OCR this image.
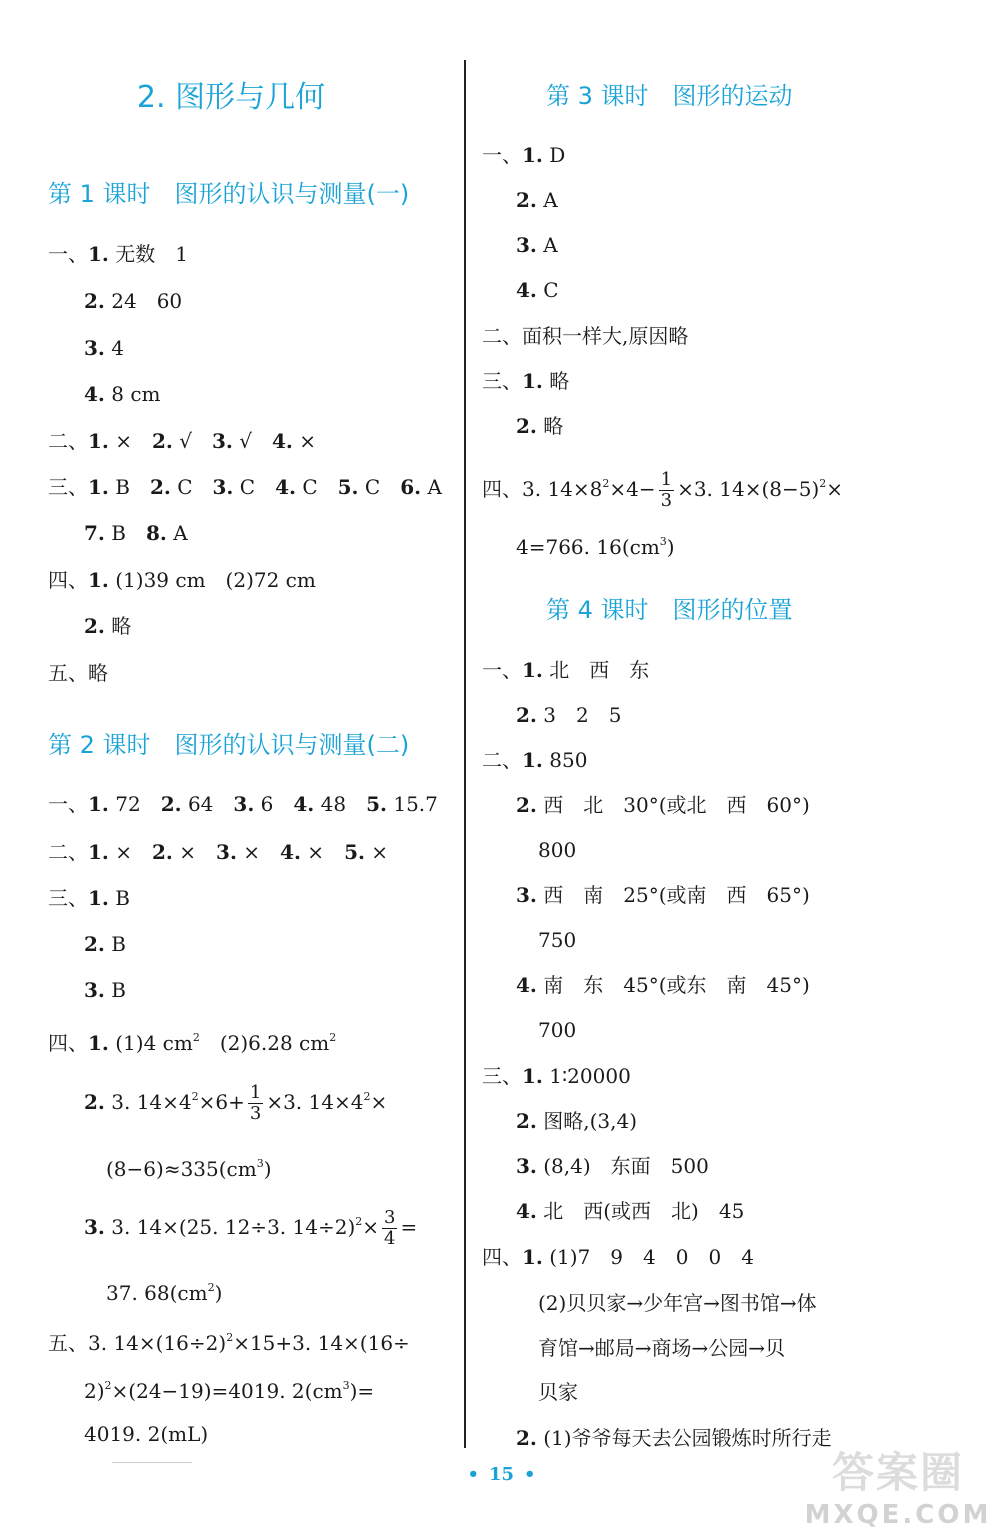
2. 图形与几何
第 1 课时　图形的认识与测量(一)
一、1. 无数　1
2. 24　60
3. 4
4. 8 cm
二、1. ×　2. √　3. √　4. ×
三、1. B　2. C　3. C　4. C　5. C　6. A
7. B　8. A
四、1. (1)39 cm　(2)72 cm
2. 略
五、略
第 2 课时　图形的认识与测量(二)
一、1. 72　2. 64　3. 6　4. 48　5. 15.7
二、1. ×　2. ×　3. ×　4. ×　5. ×
三、1. B
2. B
3. B
四、1. (1)4 $cm^2$　(2)6.28 $cm^2$
2. 3. $14\times 4^2\times 6+ \frac{1}{3} \times 3$. $14\times 4^2\times$
$(8-6)\approx 335(cm^3)$
3. 3. 14×(25. 12÷3. $14\div 2)^2\times \frac{3}{4}$ =
37. $68(cm^2)$
五、3. $14\times(16\div 2)^2\times 15+3$. 14×(16÷
2)$^2$×(24−19)=4019. $2(cm^3)=$
4019. 2(mL)
第 3 课时　图形的运动
一、1. D
2. A
3. A
4. C
二、面积一样大,原因略
三、1. 略
2. 略
四、3. $14\times 8^2\times 4- \frac{1}{3} \times 3$. $14\times(8-5)^2\times$
4=766. $16(cm^3)$
第 4 课时　图形的位置
一、1. 北　西　东
2. 3　2　5
二、1. 850
2. 西　北　30°(或北　西　60°)
800
3. 西　南　25°(或南　西　65°)
750
4. 南　东　45°(或东　南　45°)
700
三、1. 1∶20000
2. 图略,(3,4)
3. (8,4)　东面　500
4. 北　西(或西　北)　45
四、1. (1)7　9　4　0　0　4
(2)贝贝家→少年宫→图书馆→体
育馆→邮局→商场→公园→贝
贝家
2. (1)爷爷每天去公园锻炼时所行走
• 15 •	答案圈
MXQE.COM
